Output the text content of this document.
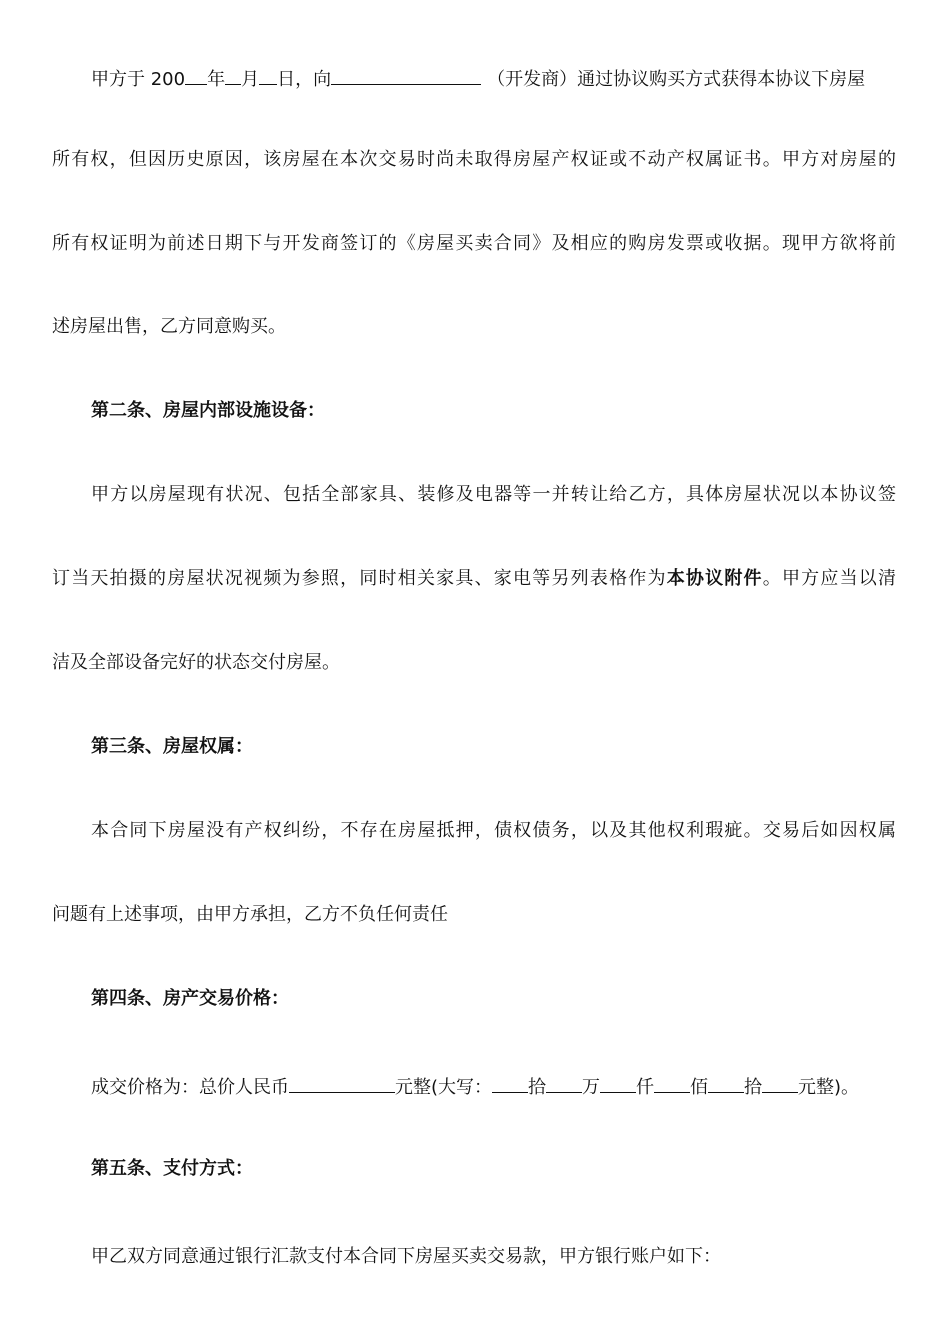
甲方于 200 年 月 日，向	（开发商）通过协议购买方式获得本协议下房屋
所有权，但因历史原因，该房屋在本次交易时尚未取得房屋产权证或不动产权属证书。甲方对房屋的
所有权证明为前述日期下与开发商签订的《房屋买卖合同》及相应的购房发票或收据。现甲方欲将前
述房屋出售，乙方同意购买。
第二条、房屋内部设施设备：
甲方以房屋现有状况、包括全部家具、装修及电器等一并转让给乙方，具体房屋状况以本协议签
订当天拍摄的房屋状况视频为参照，同时相关家具、家电等另列表格作为本协议附件。甲方应当以清
洁及全部设备完好的状态交付房屋。
第三条、房屋权属：
本合同下房屋没有产权纠纷，不存在房屋抵押，债权债务，以及其他权利瑕疵。交易后如因权属
问题有上述事项，由甲方承担，乙方不负任何责任
第四条、房产交易价格：
成交价格为：总价人民币	元整(大写： 拾 万 仟 佰 拾 元整)。
第五条、支付方式：
甲乙双方同意通过银行汇款支付本合同下房屋买卖交易款，甲方银行账户如下：
